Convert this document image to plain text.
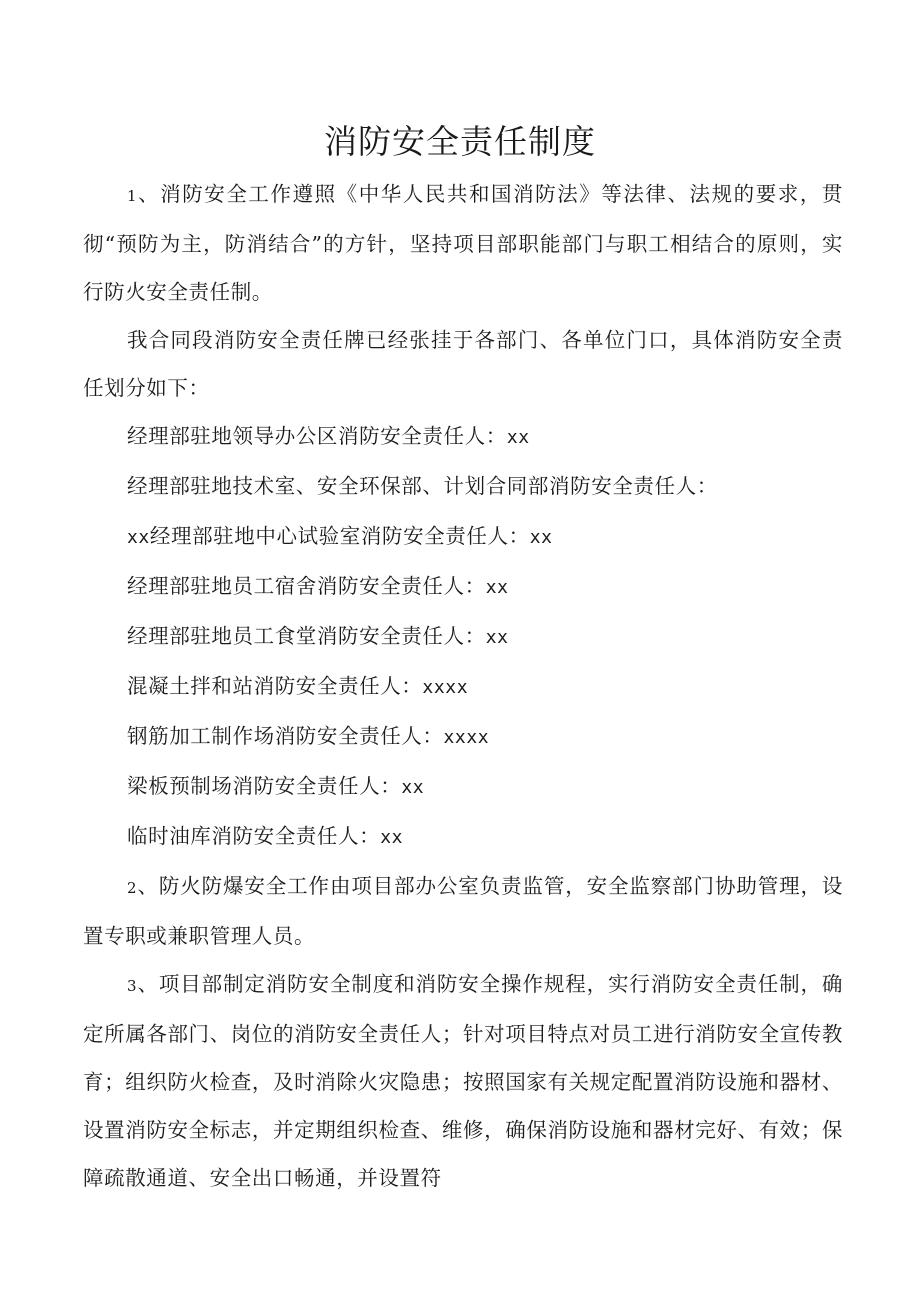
消防安全责任制度

1、消防安全工作遵照《中华人民共和国消防法》等法律、法规的要求，贯彻“预防为主，防消结合”的方针，坚持项目部职能部门与职工相结合的原则，实行防火安全责任制。

我合同段消防安全责任牌已经张挂于各部门、各单位门口，具体消防安全责任划分如下：

经理部驻地领导办公区消防安全责任人：xx

经理部驻地技术室、安全环保部、计划合同部消防安全责任人：

xx经理部驻地中心试验室消防安全责任人：xx

经理部驻地员工宿舍消防安全责任人：xx

经理部驻地员工食堂消防安全责任人：xx

混凝土拌和站消防安全责任人：xxxx

钢筋加工制作场消防安全责任人：xxxx

梁板预制场消防安全责任人：xx

临时油库消防安全责任人：xx

2、防火防爆安全工作由项目部办公室负责监管，安全监察部门协助管理，设置专职或兼职管理人员。

3、项目部制定消防安全制度和消防安全操作规程，实行消防安全责任制，确定所属各部门、岗位的消防安全责任人；针对项目特点对员工进行消防安全宣传教育；组织防火检查，及时消除火灾隐患；按照国家有关规定配置消防设施和器材、设置消防安全标志，并定期组织检查、维修，确保消防设施和器材完好、有效；保障疏散通道、安全出口畅通，并设置符
